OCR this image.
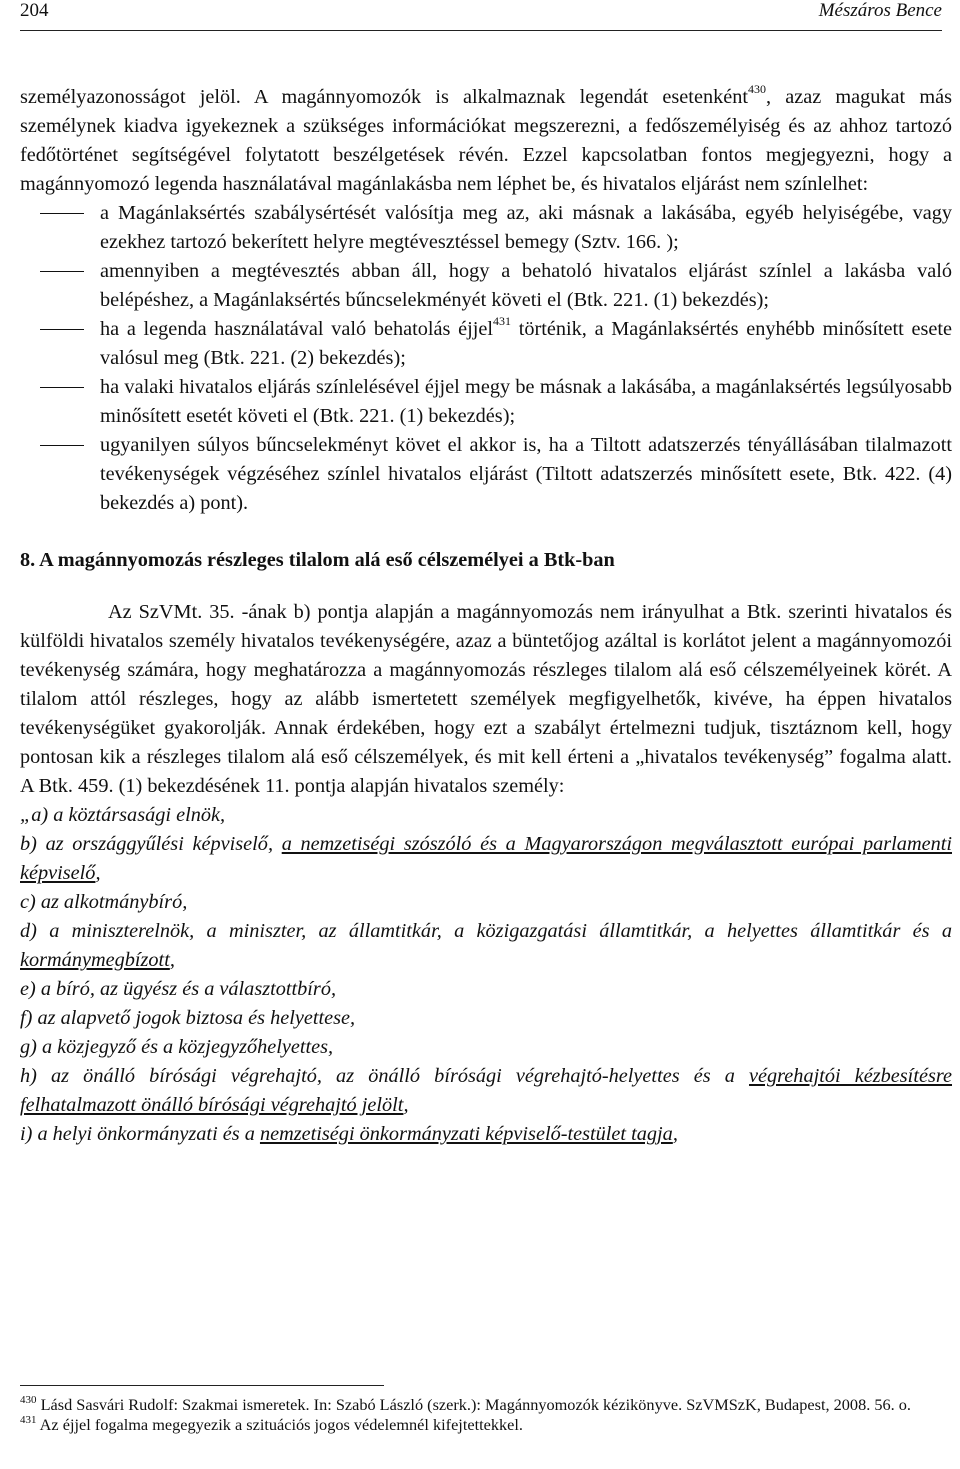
204	Mészáros Bence

személyazonosságot jelöl. A magánnyomozók is alkalmaznak legendát esetenként$^{430}$, azaz magukat más személynek kiadva igyekeznek a szükséges információkat megszerezni, a fedőszemélyiség és az ahhoz tartozó fedőtörténet segítségével folytatott beszélgetések révén. Ezzel kapcsolatban fontos megjegyezni, hogy a magánnyomozó legenda használatával magánlakásba nem léphet be, és hivatalos eljárást nem színlelhet:

a Magánlaksértés szabálysértését valósítja meg az, aki másnak a lakásába, egyéb helyiségébe, vagy ezekhez tartozó bekerített helyre megtévesztéssel bemegy (Sztv. 166. );
amennyiben a megtévesztés abban áll, hogy a behatoló hivatalos eljárást színlel a lakásba való belépéshez, a Magánlaksértés bűncselekményét követi el (Btk. 221. (1) bekezdés);
ha a legenda használatával való behatolás éjjel$^{431}$ történik, a Magánlaksértés enyhébb minősített esete valósul meg (Btk. 221. (2) bekezdés);
ha valaki hivatalos eljárás színlelésével éjjel megy be másnak a lakásába, a magánlaksértés legsúlyosabb minősített esetét követi el (Btk. 221. (1) bekezdés);
ugyanilyen súlyos bűncselekményt követ el akkor is, ha a Tiltott adatszerzés tényállásában tilalmazott tevékenységek végzéséhez színlel hivatalos eljárást (Tiltott adatszerzés minősített esete, Btk. 422. (4) bekezdés a) pont).
8. A magánnyomozás részleges tilalom alá eső célszemélyei a Btk-ban

Az SzVMt. 35. -ának b) pontja alapján a magánnyomozás nem irányulhat a Btk. szerinti hivatalos és külföldi hivatalos személy hivatalos tevékenységére, azaz a büntetőjog azáltal is korlátot jelent a magánnyomozói tevékenység számára, hogy meghatározza a magánnyomozás részleges tilalom alá eső célszemélyeinek körét. A tilalom attól részleges, hogy az alább ismertetett személyek megfigyelhetők, kivéve, ha éppen hivatalos tevékenységüket gyakorolják. Annak érdekében, hogy ezt a szabályt értelmezni tudjuk, tisztáznom kell, hogy pontosan kik a részleges tilalom alá eső célszemélyek, és mit kell érteni a „hivatalos tevékenység” fogalma alatt. A Btk. 459. (1) bekezdésének 11. pontja alapján hivatalos személy:

„a) a köztársasági elnök,
b) az országgyűlési képviselő, a nemzetiségi szószóló és a Magyarországon megválasztott európai parlamenti képviselő,
c) az alkotmánybíró,
d) a miniszterelnök, a miniszter, az államtitkár, a közigazgatási államtitkár, a helyettes államtitkár és a kormánymegbízott,
e) a bíró, az ügyész és a választottbíró,
f) az alapvető jogok biztosa és helyettese,
g) a közjegyző és a közjegyzőhelyettes,
h) az önálló bírósági végrehajtó, az önálló bírósági végrehajtó-helyettes és a végrehajtói kézbesítésre felhatalmazott önálló bírósági végrehajtó jelölt,
i) a helyi önkormányzati és a nemzetiségi önkormányzati képviselő-testület tagja,

$^{430}$ Lásd Sasvári Rudolf: Szakmai ismeretek. In: Szabó László (szerk.): Magánnyomozók kézikönyve. SzVMSzK, Budapest, 2008. 56. o.

$^{431}$ Az éjjel fogalma megegyezik a szituációs jogos védelemnél kifejtettekkel.
